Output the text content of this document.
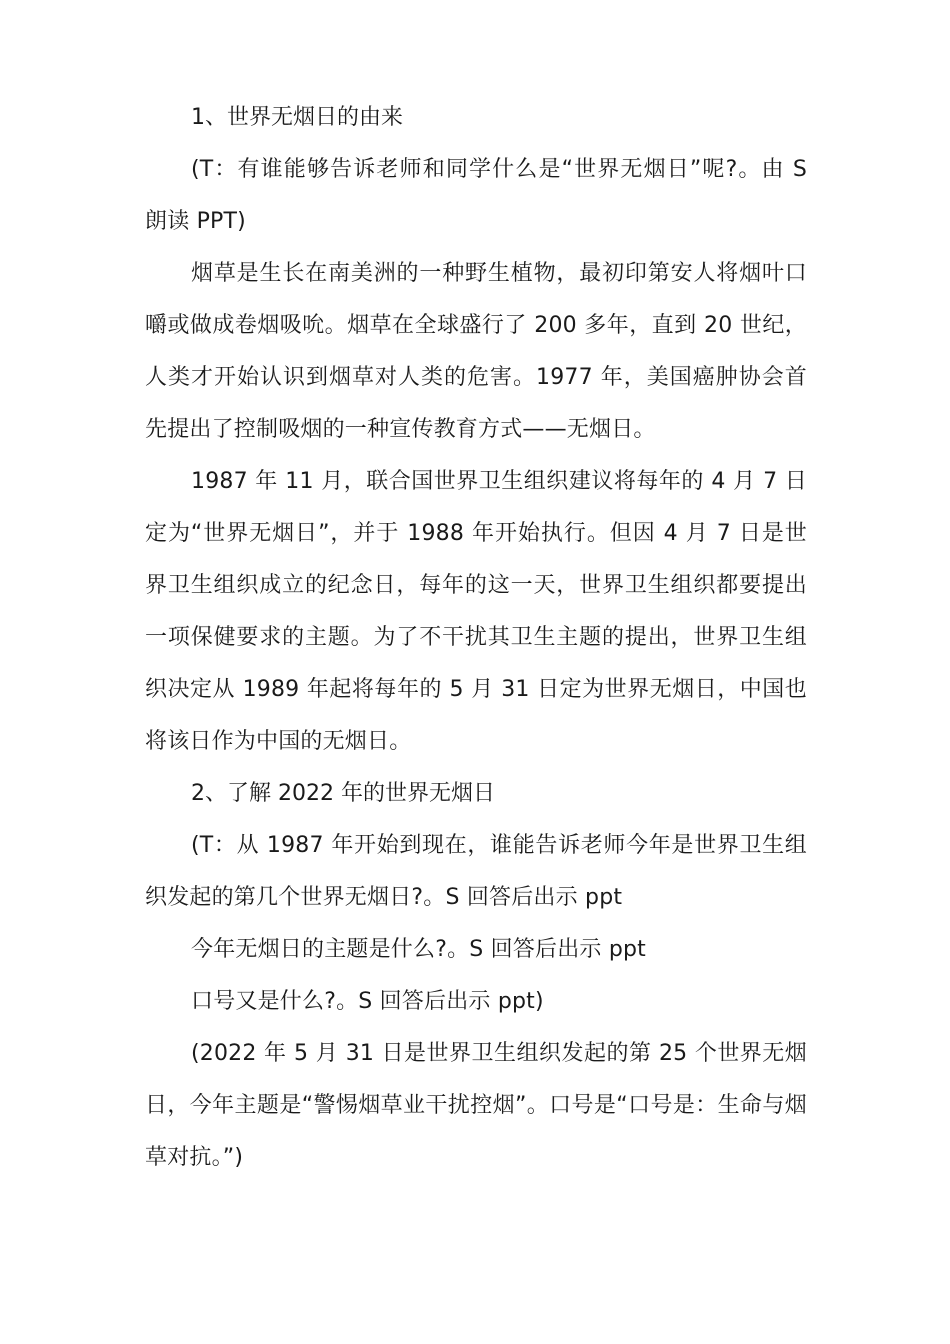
1、世界无烟日的由来

(T：有谁能够告诉老师和同学什么是“世界无烟日”呢?。由 S 朗读 PPT)

烟草是生长在南美洲的一种野生植物，最初印第安人将烟叶口嚼或做成卷烟吸吮。烟草在全球盛行了 200 多年，直到 20 世纪，人类才开始认识到烟草对人类的危害。1977 年，美国癌肿协会首先提出了控制吸烟的一种宣传教育方式——无烟日。

1987 年 11 月，联合国世界卫生组织建议将每年的 4 月 7 日定为“世界无烟日”，并于 1988 年开始执行。但因 4 月 7 日是世界卫生组织成立的纪念日，每年的这一天，世界卫生组织都要提出一项保健要求的主题。为了不干扰其卫生主题的提出，世界卫生组织决定从 1989 年起将每年的 5 月 31 日定为世界无烟日，中国也将该日作为中国的无烟日。

2、了解 2022 年的世界无烟日

(T：从 1987 年开始到现在，谁能告诉老师今年是世界卫生组织发起的第几个世界无烟日?。S 回答后出示 ppt

今年无烟日的主题是什么?。S 回答后出示 ppt

口号又是什么?。S 回答后出示 ppt)

(2022 年 5 月 31 日是世界卫生组织发起的第 25 个世界无烟日，今年主题是“警惕烟草业干扰控烟”。口号是“口号是：生命与烟草对抗。”)
